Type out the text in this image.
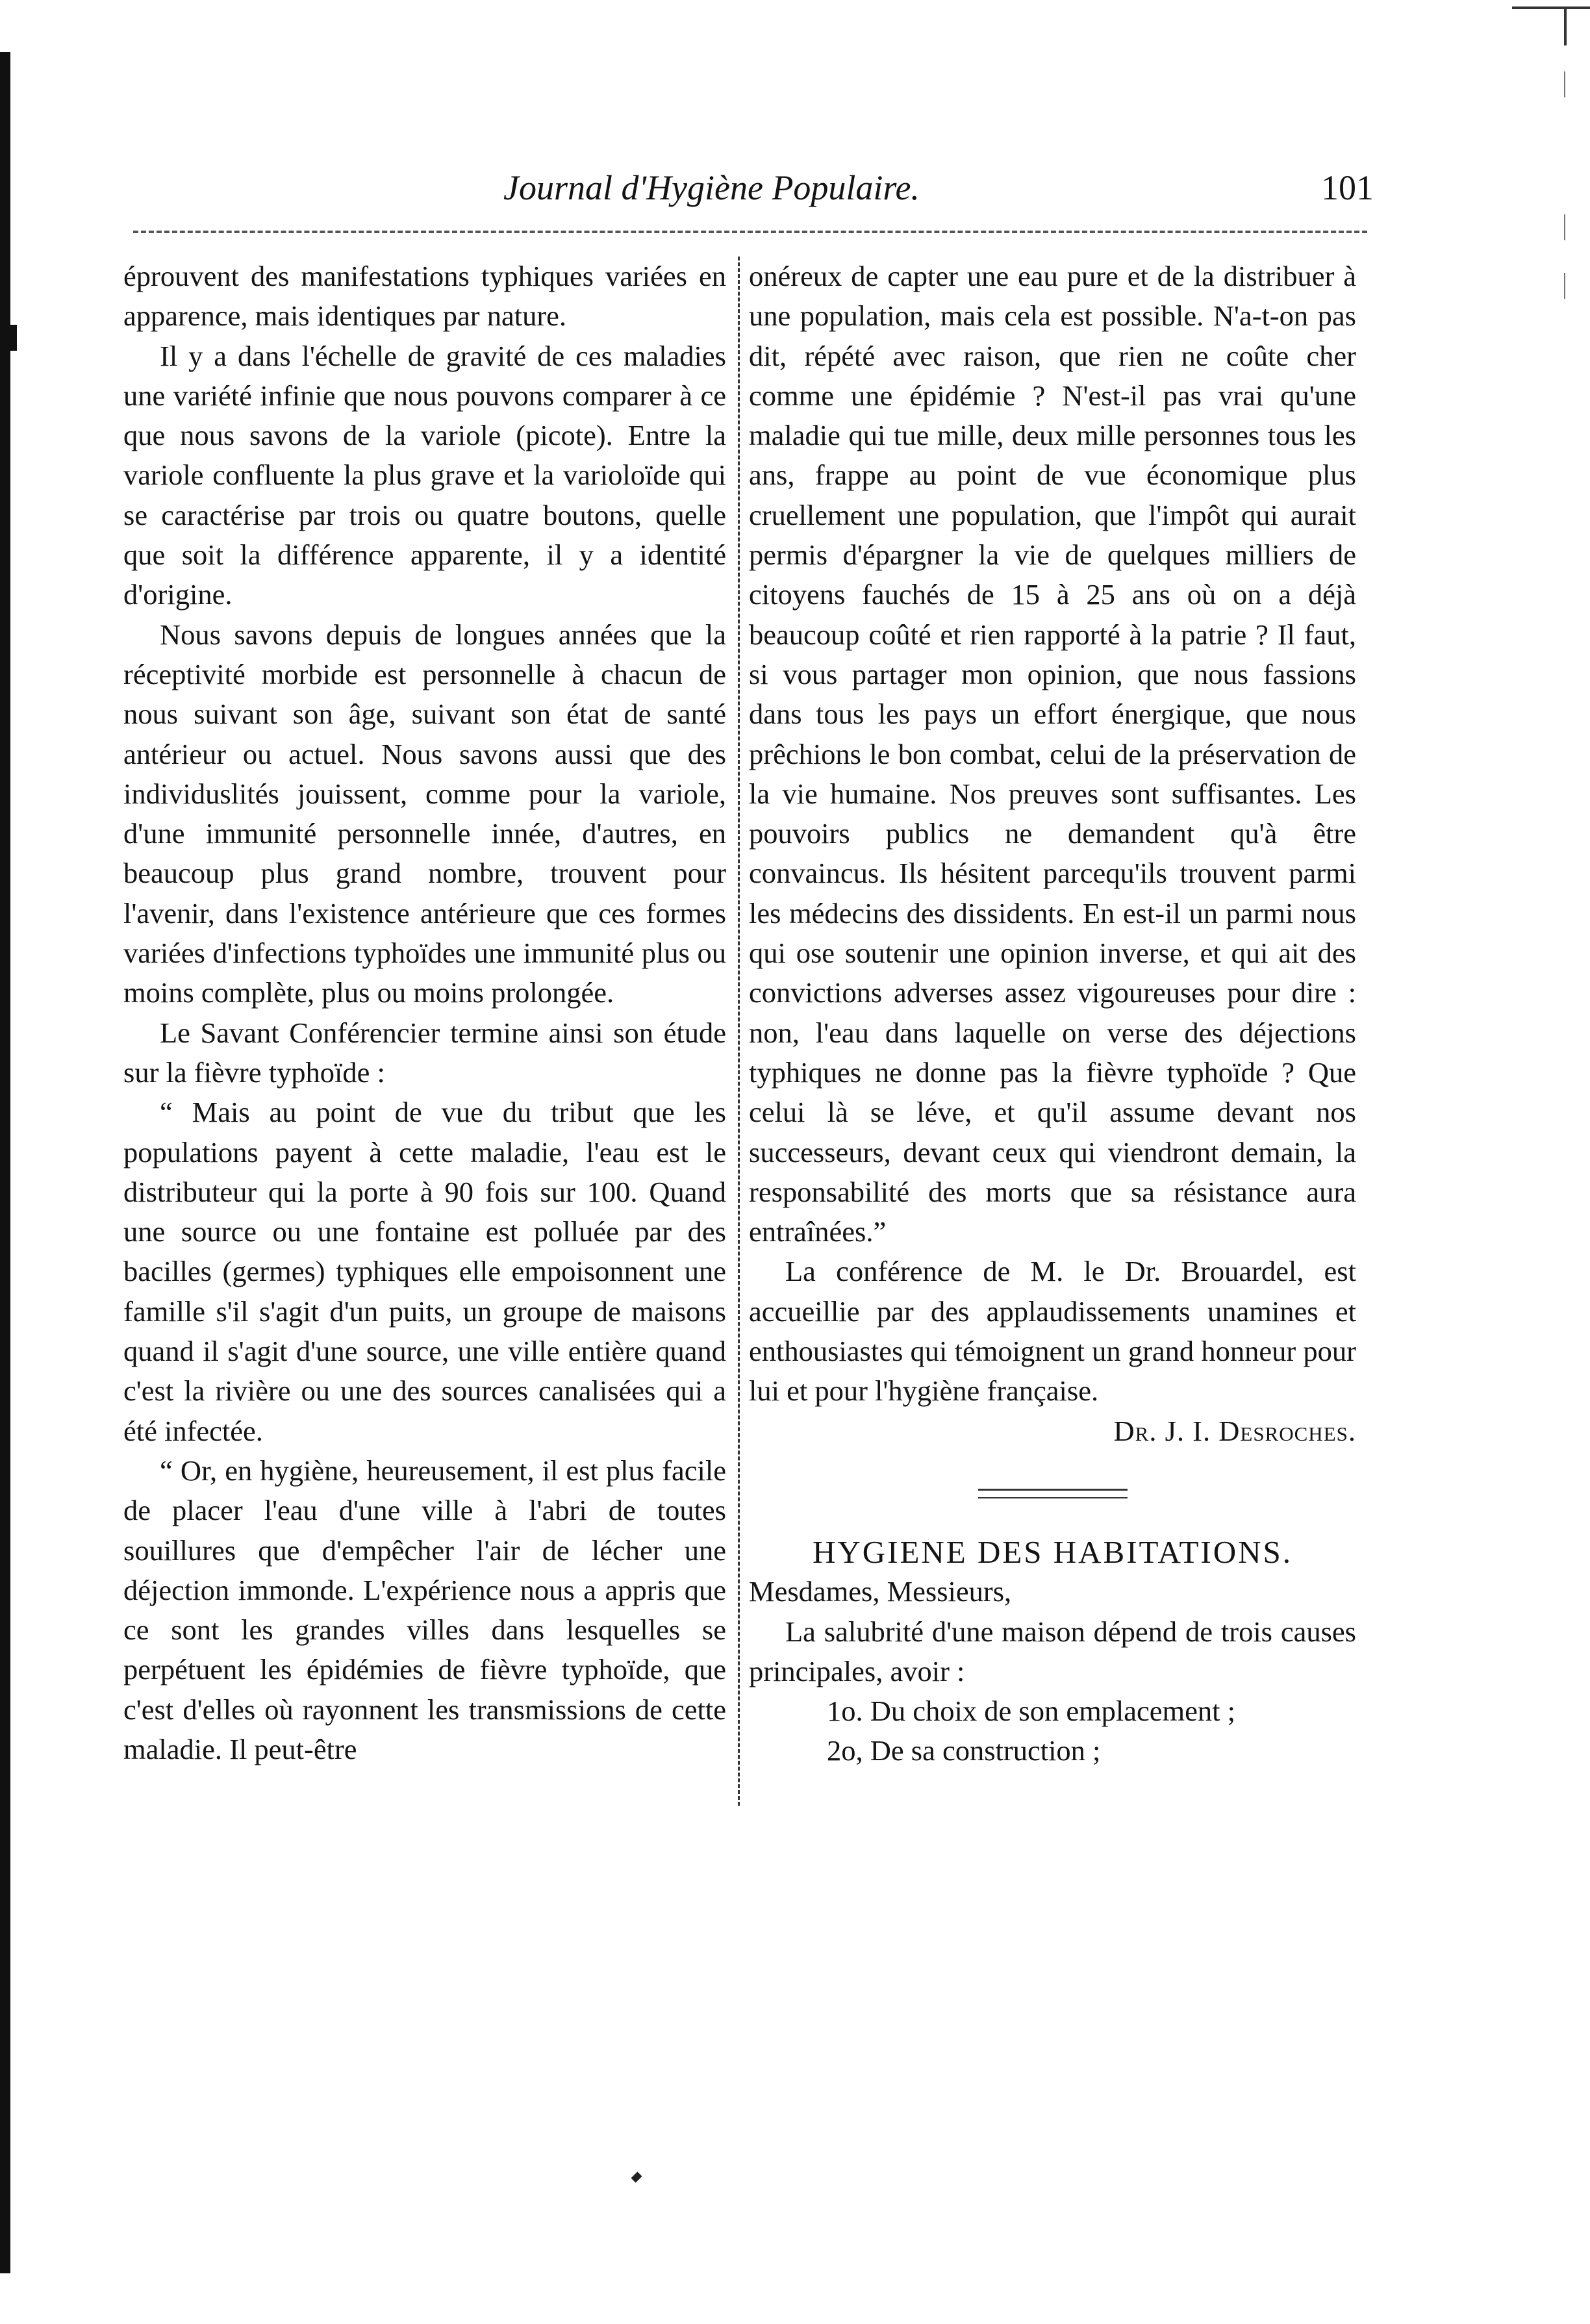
Journal d'Hygiène Populaire.	101

éprouvent des manifestations typhiques variées en apparence, mais identiques par nature.

Il y a dans l'échelle de gravité de ces maladies une variété infinie que nous pouvons comparer à ce que nous savons de la variole (picote). Entre la variole confluente la plus grave et la varioloïde qui se caractérise par trois ou quatre boutons, quelle que soit la différence apparente, il y a identité d'origine.

Nous savons depuis de longues années que la réceptivité morbide est personnelle à chacun de nous suivant son âge, suivant son état de santé antérieur ou actuel. Nous savons aussi que des individuslités jouissent, comme pour la variole, d'une immunité personnelle innée, d'autres, en beaucoup plus grand nombre, trouvent pour l'avenir, dans l'existence antérieure que ces formes variées d'infections typhoïdes une immunité plus ou moins complète, plus ou moins prolongée.

Le Savant Conférencier termine ainsi son étude sur la fièvre typhoïde :

“ Mais au point de vue du tribut que les populations payent à cette maladie, l'eau est le distributeur qui la porte à 90 fois sur 100. Quand une source ou une fontaine est polluée par des bacilles (germes) typhiques elle empoisonnent une famille s'il s'agit d'un puits, un groupe de maisons quand il s'agit d'une source, une ville entière quand c'est la rivière ou une des sources canalisées qui a été infectée.

“ Or, en hygiène, heureusement, il est plus facile de placer l'eau d'une ville à l'abri de toutes souillures que d'empêcher l'air de lécher une déjection immonde. L'expérience nous a appris que ce sont les grandes villes dans lesquelles se perpétuent les épidémies de fièvre typhoïde, que c'est d'elles où rayonnent les transmissions de cette maladie. Il peut-être

onéreux de capter une eau pure et de la distribuer à une population, mais cela est possible. N'a-t-on pas dit, répété avec raison, que rien ne coûte cher comme une épidémie ? N'est-il pas vrai qu'une maladie qui tue mille, deux mille personnes tous les ans, frappe au point de vue économique plus cruellement une population, que l'impôt qui aurait permis d'épargner la vie de quelques milliers de citoyens fauchés de 15 à 25 ans où on a déjà beaucoup coûté et rien rapporté à la patrie ? Il faut, si vous partager mon opinion, que nous fassions dans tous les pays un effort énergique, que nous prêchions le bon combat, celui de la préservation de la vie humaine. Nos preuves sont suffisantes. Les pouvoirs publics ne demandent qu'à être convaincus. Ils hésitent parcequ'ils trouvent parmi les médecins des dissidents. En est-il un parmi nous qui ose soutenir une opinion inverse, et qui ait des convictions adverses assez vigoureuses pour dire : non, l'eau dans laquelle on verse des déjections typhiques ne donne pas la fièvre typhoïde ? Que celui là se léve, et qu'il assume devant nos successeurs, devant ceux qui viendront demain, la responsabilité des morts que sa résistance aura entraînées.”

La conférence de M. le Dr. Brouardel, est accueillie par des applaudissements unamines et enthousiastes qui témoignent un grand honneur pour lui et pour l'hygiène française.

Dr. J. I. Desroches.

HYGIENE DES HABITATIONS.

Mesdames, Messieurs,

La salubrité d'une maison dépend de trois causes principales, avoir :

1o. Du choix de son emplacement ;

2o, De sa construction ;
